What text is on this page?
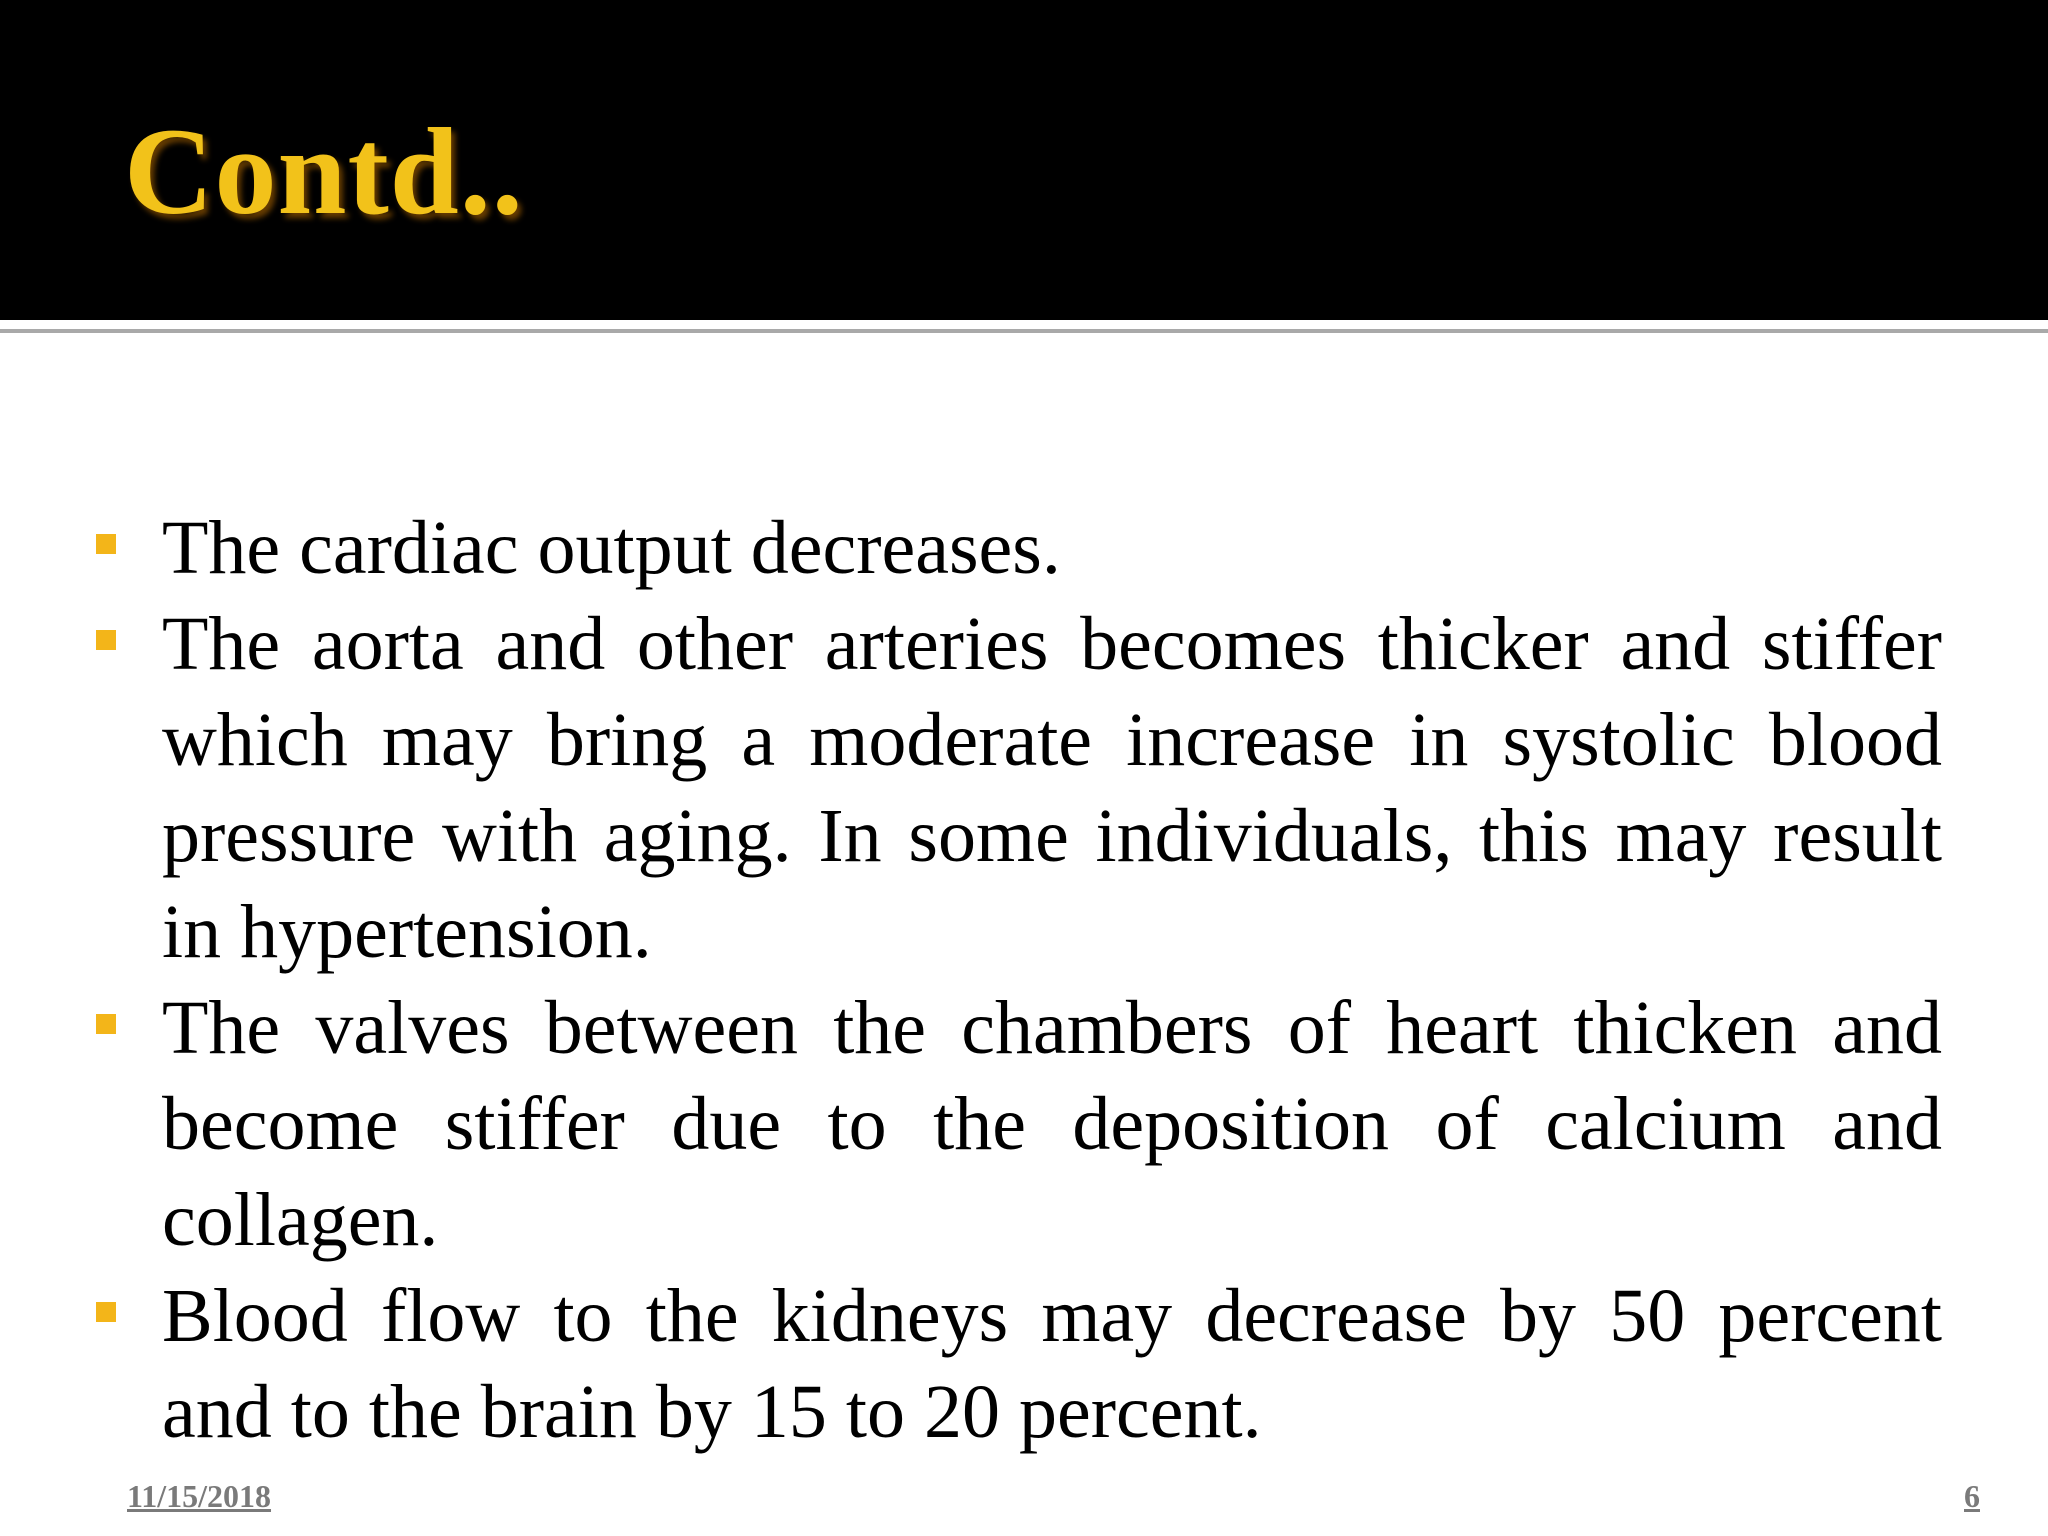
Contd..
The cardiac output decreases.
The aorta and other arteries becomes thicker and stiffer which may bring a moderate increase in systolic blood pressure with aging. In some individuals, this may result in hypertension.
The valves between the chambers of heart thicken and become stiffer due to the deposition of calcium and collagen.
Blood flow to the kidneys may decrease by 50 percent and to the brain by 15 to 20 percent.
11/15/2018	6
